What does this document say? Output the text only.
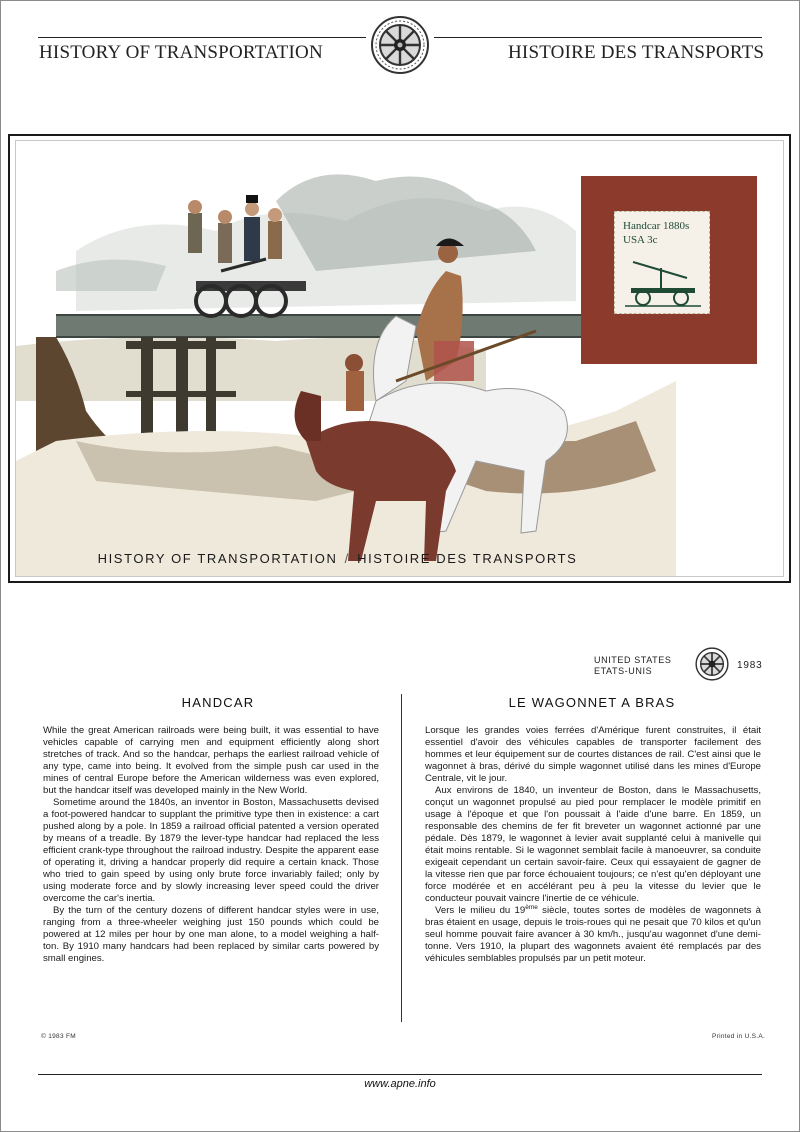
HISTORY OF TRANSPORTATION	HISTOIRE DES TRANSPORTS
HISTORY OF TRANSPORTATION / HISTOIRE DES TRANSPORTS
Handcar 1880s
USA 3c
UNITED STATES
ETATS-UNIS	1983
HANDCAR	LE WAGONNET A BRAS

While the great American railroads were being built, it was essential to have vehicles capable of carrying men and equipment efficiently along short stretches of track. And so the handcar, perhaps the earliest railroad vehicle of any type, came into being. It evolved from the simple push car used in the mines of central Europe before the American wilderness was even explored, but the handcar itself was developed mainly in the New World.

Sometime around the 1840s, an inventor in Boston, Massachusetts devised a foot-powered handcar to supplant the primitive type then in existence: a cart pushed along by a pole. In 1859 a railroad official patented a version operated by means of a treadle. By 1879 the lever-type handcar had replaced the less efficient crank-type throughout the railroad industry. Despite the apparent ease of operating it, driving a handcar properly did require a certain knack. Those who tried to gain speed by using only brute force invariably failed; only by using moderate force and by slowly increasing lever speed could the driver overcome the car's inertia.

By the turn of the century dozens of different handcar styles were in use, ranging from a three-wheeler weighing just 150 pounds which could be powered at 12 miles per hour by one man alone, to a model weighing a half-ton. By 1910 many handcars had been replaced by similar carts powered by small engines.

Lorsque les grandes voies ferrées d'Amérique furent construites, il était essentiel d'avoir des véhicules capables de transporter facilement des hommes et leur équipement sur de courtes distances de rail. C'est ainsi que le wagonnet à bras, dérivé du simple wagonnet utilisé dans les mines d'Europe Centrale, vit le jour.

Aux environs de 1840, un inventeur de Boston, dans le Massachusetts, conçut un wagonnet propulsé au pied pour remplacer le modèle primitif en usage à l'époque et que l'on poussait à l'aide d'une barre. En 1859, un responsable des chemins de fer fit breveter un wagonnet actionné par une pédale. Dès 1879, le wagonnet à levier avait supplanté celui à manivelle qui était moins rentable. Si le wagonnet semblait facile à manoeuvrer, sa conduite exigeait cependant un certain savoir-faire. Ceux qui essayaient de gagner de la vitesse rien que par force échouaient toujours; ce n'est qu'en déployant une force modérée et en accélérant peu à peu la vitesse du levier que le conducteur pouvait vaincre l'inertie de ce véhicule.

Vers le milieu du 19ème siècle, toutes sortes de modèles de wagonnets à bras étaient en usage, depuis le trois-roues qui ne pesait que 70 kilos et qu'un seul homme pouvait faire avancer à 30 km/h., jusqu'au wagonnet d'une demi-tonne. Vers 1910, la plupart des wagonnets avaient été remplacés par des véhicules semblables propulsés par un petit moteur.

© 1983 FM	Printed in U.S.A.
www.apne.info
